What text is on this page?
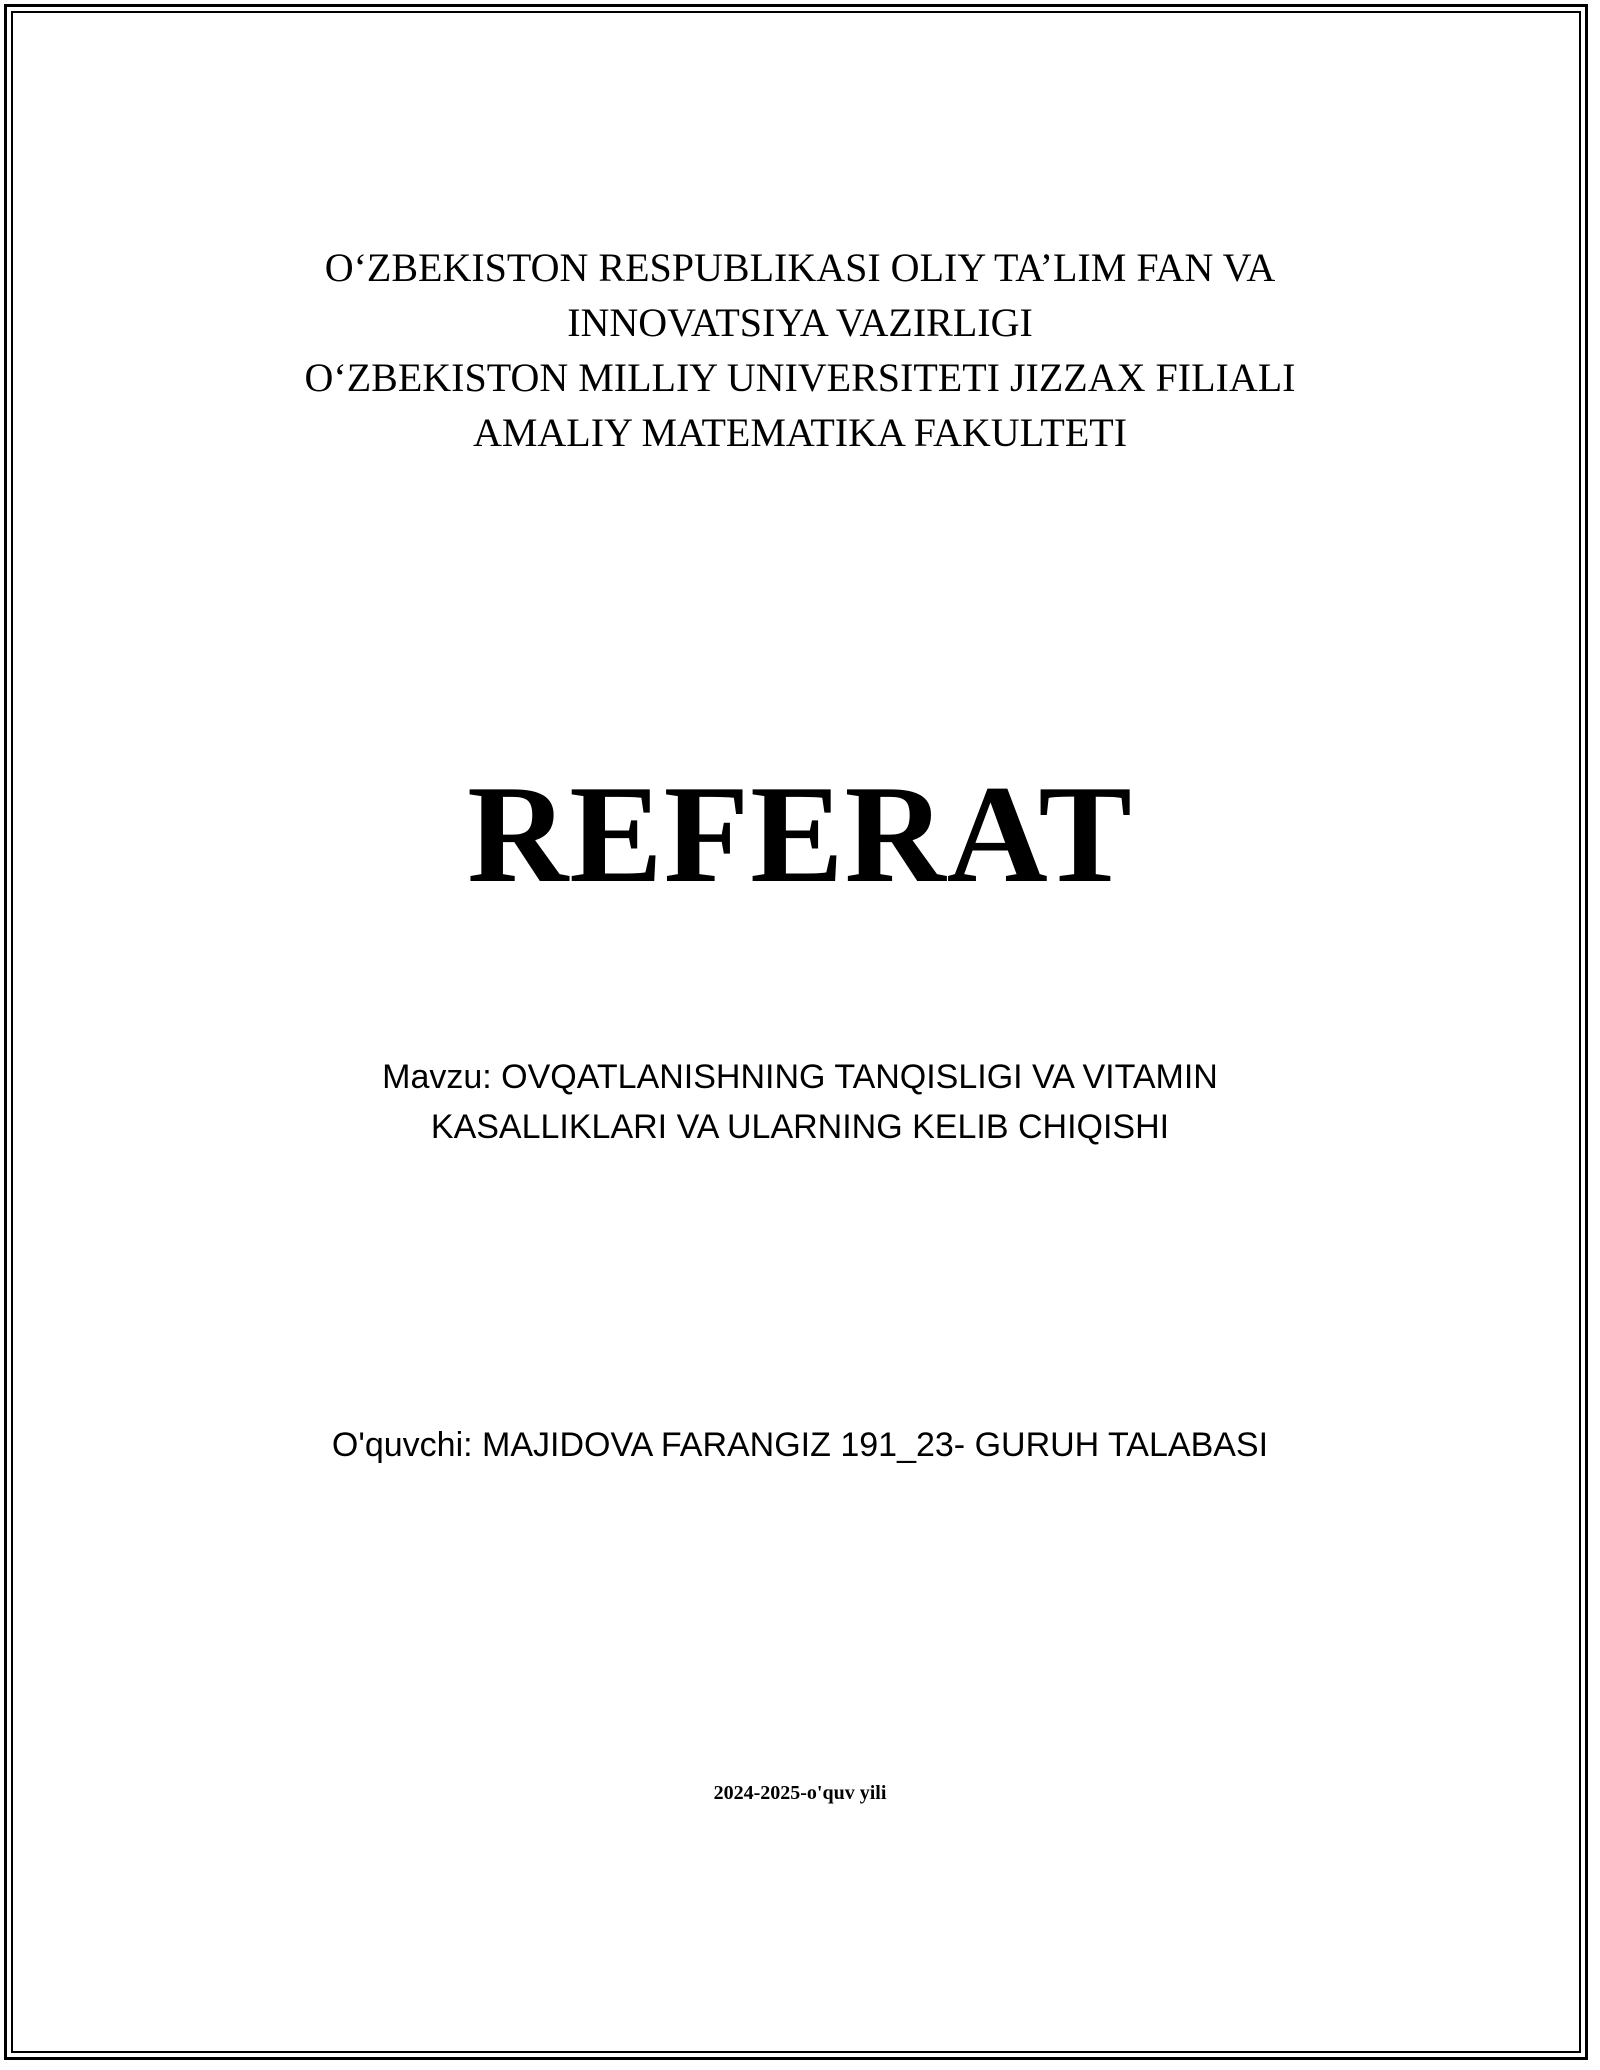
O‘ZBEKISTON RESPUBLIKASI OLIY TA’LIM FAN VA
INNOVATSIYA VAZIRLIGI
O‘ZBEKISTON MILLIY UNIVERSITETI JIZZAX FILIALI
AMALIY MATEMATIKA FAKULTETI
REFERAT
Mavzu: OVQATLANISHNING TANQISLIGI VA VITAMIN
KASALLIKLARI VA ULARNING KELIB CHIQISHI
O'quvchi: MAJIDOVA FARANGIZ 191_23- GURUH TALABASI
2024-2025-o'quv yili
